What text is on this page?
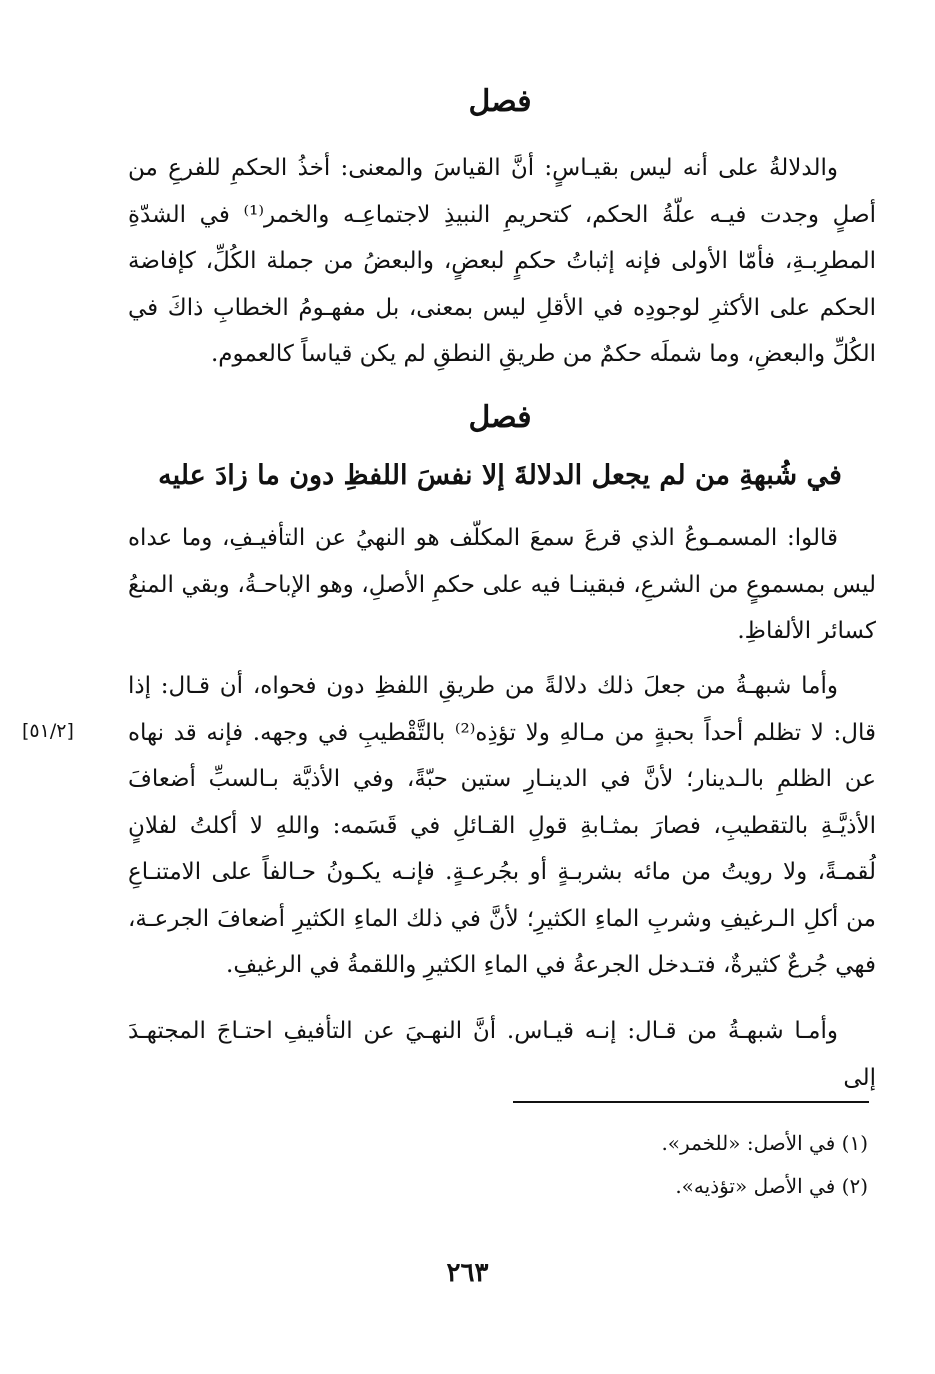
فصل

والدلالةُ على أنه ليس بقيـاسٍ: أنَّ القياسَ والمعنى: أخذُ الحكمِ للفرعِ من أصلٍ وجدت فيـه علّةُ الحكم، كتحريمِ النبيذِ لاجتماعِـه والخمر⁽¹⁾ في الشدّةِ المطرِبـةِ، فأمّا الأولى فإنه إثباتُ حكمٍ لبعضٍ، والبعضُ من جملة الكُلِّ، كإفاضة الحكم على الأكثرِ لوجودِه في الأقلِ ليس بمعنى، بل مفهـومُ الخطابِ ذاكَ في الكُلِّ والبعضِ، وما شملَه حكمٌ من طريقِ النطقِ لم يكن قياساً كالعموم.

فصل
في شُبهةِ من لم يجعل الدلالةَ إلا نفسَ اللفظِ دون ما زادَ عليه

قالوا: المسمـوعُ الذي قرعَ سمعَ المكلّف هو النهيُ عن التأفيـفِ، وما عداه ليس بمسموعٍ من الشرعِ، فبقينـا فيه على حكمِ الأصلِ، وهو الإباحـةُ، وبقي المنعُ كسائر الألفاظِ.

وأما شبهـةُ من جعلَ ذلك دلالةً من طريقِ اللفظِ دون فحواه، أن قـال: إذا قال: لا تظلم أحداً بحبةٍ من مـالهِ ولا تؤذِه⁽²⁾ بالتَّقْطيبِ في وجهه. فإنه قد نهاه عن الظلمِ بالـدينار؛ لأنَّ في الدينـارِ ستين حبّةً، وفي الأذيَّة بـالسبِّ أضعافَ الأذيَّـةِ بالتقطيبِ، فصارَ بمثـابةِ قولِ القـائلِ في قَسَمه: واللهِ لا أكلتُ لفلانٍ لُقمـةً، ولا رويتُ من مائه بشربـةٍ أو بجُرعـةٍ. فإنـه يكـونُ حـالفاً على الامتنـاعِ من أكلِ الـرغيفِ وشربِ الماءِ الكثيرِ؛ لأنَّ في ذلك الماءِ الكثيرِ أضعافَ الجرعـة، فهي جُرعٌ كثيرةٌ، فتـدخل الجرعةُ في الماءِ الكثيرِ واللقمةُ في الرغيفِ.

[٥١/٢]

وأمـا شبهـةُ من قـال: إنـه قيـاس. أنَّ النهـيَ عن التأفيفِ احتـاجَ المجتهـدَ إلى

(١) في الأصل: «للخمر».

(٢) في الأصل «تؤذيه».

٢٦٣
